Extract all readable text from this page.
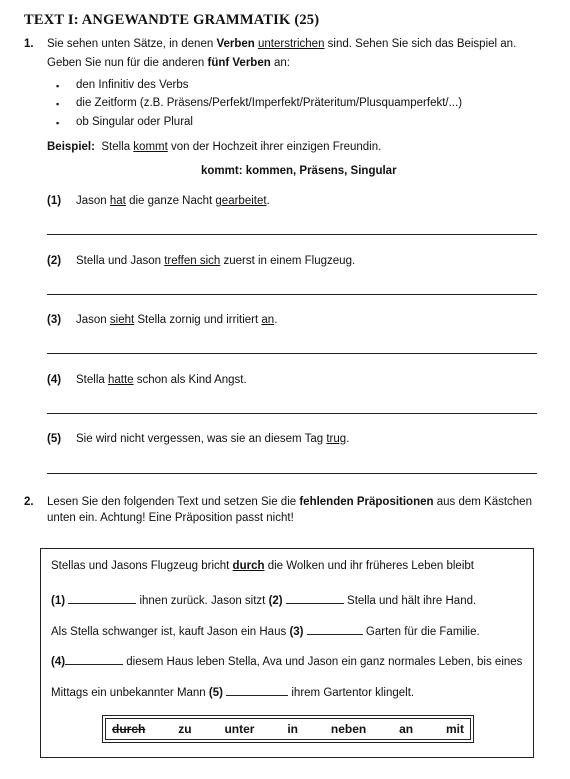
TEXT I: ANGEWANDTE GRAMMATIK (25)
1. Sie sehen unten Sätze, in denen Verben unterstrichen sind. Sehen Sie sich das Beispiel an.
Geben Sie nun für die anderen fünf Verben an:
▪ den Infinitiv des Verbs
▪ die Zeitform (z.B. Präsens/Perfekt/Imperfekt/Präteritum/Plusquamperfekt/...)
▪ ob Singular oder Plural
Beispiel:  Stella kommt von der Hochzeit ihrer einzigen Freundin.
kommt: kommen, Präsens, Singular
(1) Jason hat die ganze Nacht gearbeitet.
(2) Stella und Jason treffen sich zuerst in einem Flugzeug.
(3) Jason sieht Stella zornig und irritiert an.
(4) Stella hatte schon als Kind Angst.
(5) Sie wird nicht vergessen, was sie an diesem Tag trug.
2. Lesen Sie den folgenden Text und setzen Sie die fehlenden Präpositionen aus dem Kästchen
unten ein. Achtung! Eine Präposition passt nicht!
Stellas und Jasons Flugzeug bricht durch die Wolken und ihr früheres Leben bleibt
(1)	ihnen zurück. Jason sitzt (2)	Stella und hält ihre Hand.
Als Stella schwanger ist, kauft Jason ein Haus (3)	Garten für die Familie.
(4)	diesem Haus leben Stella, Ava und Jason ein ganz normales Leben, bis eines
Mittags ein unbekannter Mann (5)	ihrem Gartentor klingelt.
durch	zu	unter	in	neben	an	mit
